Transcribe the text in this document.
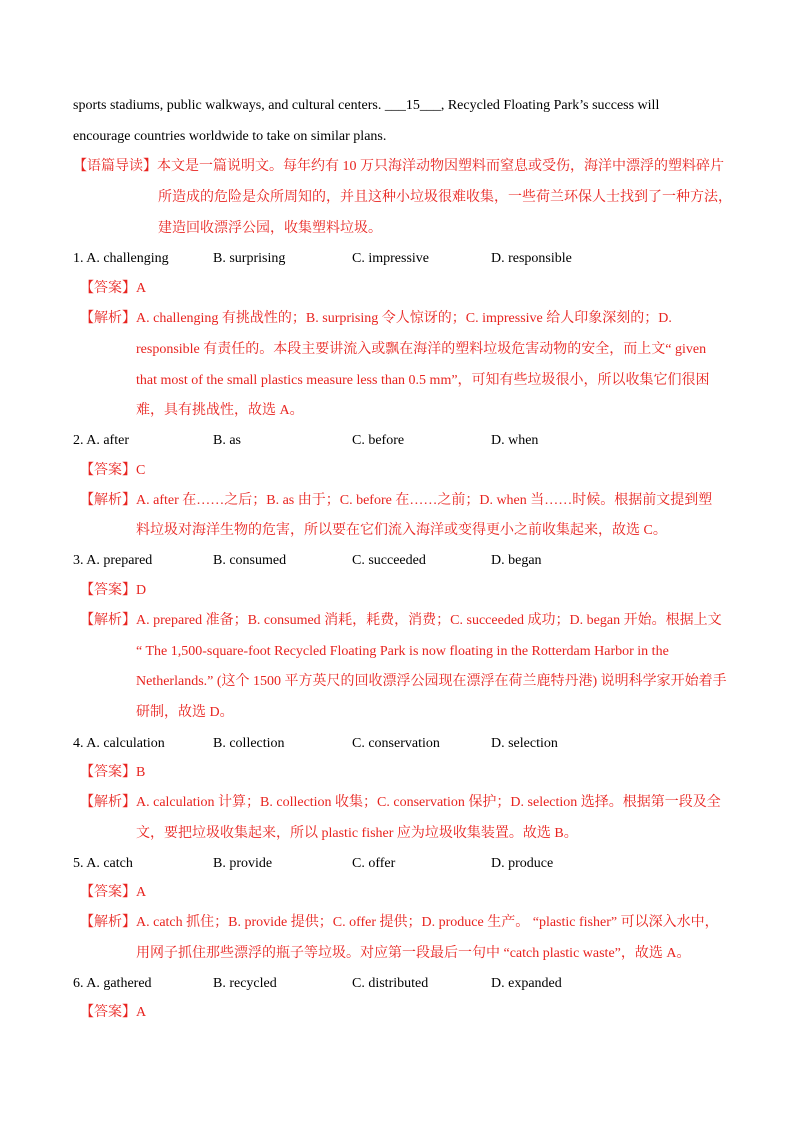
sports stadiums, public walkways, and cultural centers. ___15___, Recycled Floating Park’s success will
encourage countries worldwide to take on similar plans.
【语篇导读】本文是一篇说明文。每年约有 10 万只海洋动物因塑料而窒息或受伤，海洋中漂浮的塑料碎片
所造成的危险是众所周知的，并且这种小垃圾很难收集，一些荷兰环保人士找到了一种方法，
建造回收漂浮公园，收集塑料垃圾。
1. A. challenging	B. surprising	C. impressive	D. responsible
【答案】A
【解析】A. challenging 有挑战性的；B. surprising 令人惊讶的；C. impressive 给人印象深刻的；D.
responsible 有责任的。本段主要讲流入或飘在海洋的塑料垃圾危害动物的安全，而上文“ given
that most of the small plastics measure less than 0.5 mm”，可知有些垃圾很小，所以收集它们很困
难，具有挑战性，故选 A。
2. A. after	B. as	C. before	D. when
【答案】C
【解析】A. after 在……之后；B. as 由于；C. before 在……之前；D. when 当……时候。根据前文提到塑
料垃圾对海洋生物的危害，所以要在它们流入海洋或变得更小之前收集起来，故选 C。
3. A. prepared	B. consumed	C. succeeded	D. began
【答案】D
【解析】A. prepared 准备；B. consumed 消耗，耗费，消费；C. succeeded 成功；D. began 开始。根据上文
“ The 1,500-square-foot Recycled Floating Park is now floating in the Rotterdam Harbor in the
Netherlands.” (这个 1500 平方英尺的回收漂浮公园现在漂浮在荷兰鹿特丹港) 说明科学家开始着手
研制，故选 D。
4. A. calculation	B. collection	C. conservation	D. selection
【答案】B
【解析】A. calculation 计算；B. collection 收集；C. conservation 保护；D. selection 选择。根据第一段及全
文，要把垃圾收集起来，所以 plastic fisher 应为垃圾收集装置。故选 B。
5. A. catch	B. provide	C. offer	D. produce
【答案】A
【解析】A. catch 抓住；B. provide 提供；C. offer 提供；D. produce 生产。 “plastic fisher” 可以深入水中，
用网子抓住那些漂浮的瓶子等垃圾。对应第一段最后一句中 “catch plastic waste”，故选 A。
6. A. gathered	B. recycled	C. distributed	D. expanded
【答案】A
